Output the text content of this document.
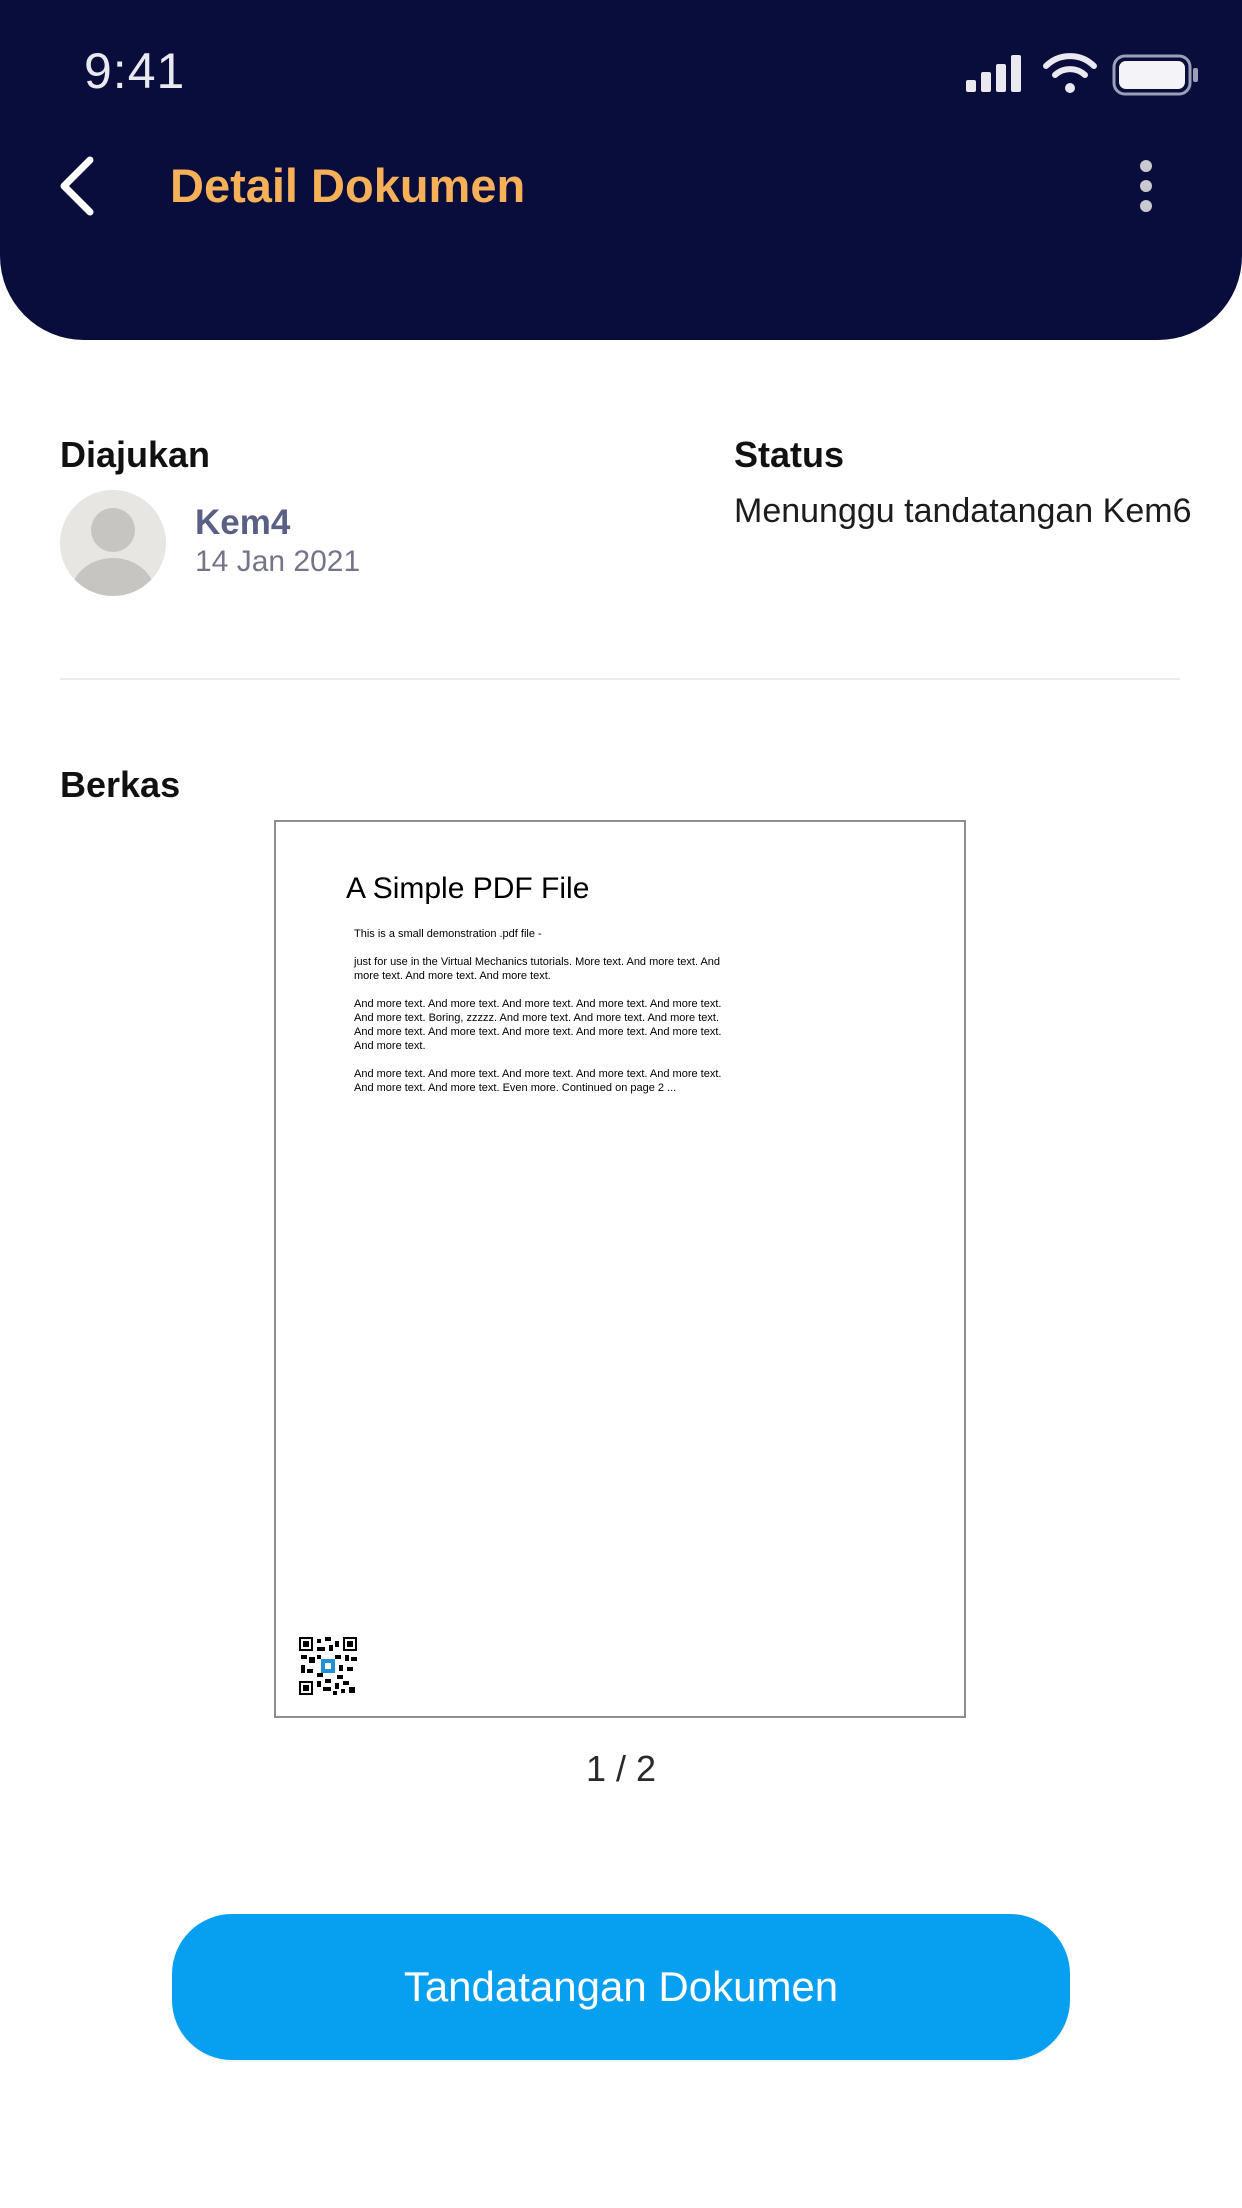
9:41
Detail Dokumen
Diajukan
Kem4
14 Jan 2021
Status
Menunggu tandatangan Kem6
Berkas
A Simple PDF File

This is a small demonstration .pdf file -

just for use in the Virtual Mechanics tutorials. More text. And more text. And more text. And more text. And more text.

And more text. And more text. And more text. And more text. And more text. And more text. Boring, zzzzz. And more text. And more text. And more text. And more text. And more text. And more text. And more text. And more text. And more text.

And more text. And more text. And more text. And more text. And more text. And more text. And more text. Even more. Continued on page 2 ...

1 / 2
Tandatangan Dokumen
